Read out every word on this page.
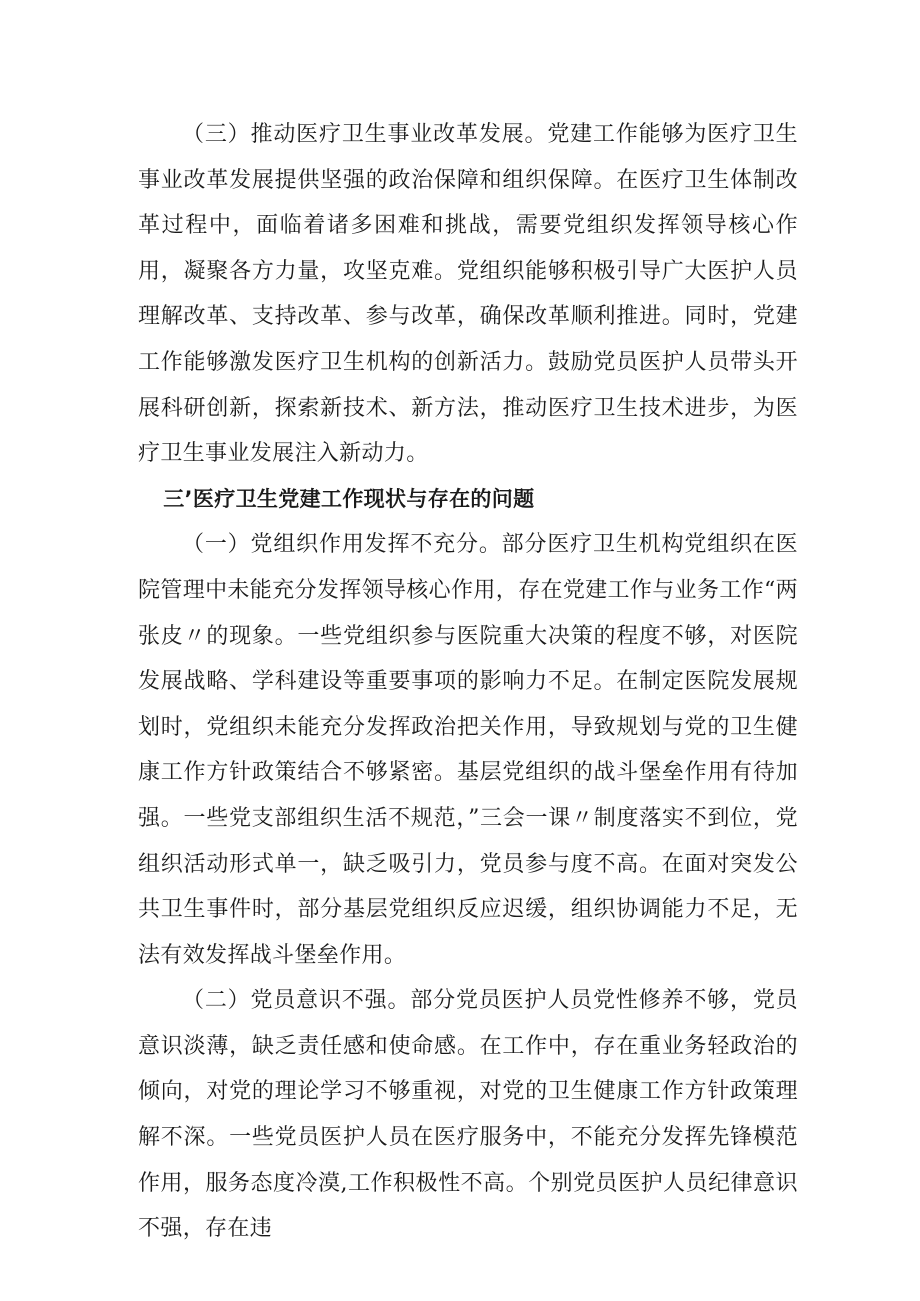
（三）推动医疗卫生事业改革发展。党建工作能够为医疗卫生事业改革发展提供坚强的政治保障和组织保障。在医疗卫生体制改革过程中，面临着诸多困难和挑战，需要党组织发挥领导核心作用，凝聚各方力量，攻坚克难。党组织能够积极引导广大医护人员理解改革、支持改革、参与改革，确保改革顺利推进。同时，党建工作能够激发医疗卫生机构的创新活力。鼓励党员医护人员带头开展科研创新，探索新技术、新方法，推动医疗卫生技术进步，为医疗卫生事业发展注入新动力。

三’医疗卫生党建工作现状与存在的问题

（一）党组织作用发挥不充分。部分医疗卫生机构党组织在医院管理中未能充分发挥领导核心作用，存在党建工作与业务工作“两张皮〃的现象。一些党组织参与医院重大决策的程度不够，对医院发展战略、学科建设等重要事项的影响力不足。在制定医院发展规划时，党组织未能充分发挥政治把关作用，导致规划与党的卫生健康工作方针政策结合不够紧密。基层党组织的战斗堡垒作用有待加强。一些党支部组织生活不规范，”三会一课〃制度落实不到位，党组织活动形式单一，缺乏吸引力，党员参与度不高。在面对突发公共卫生事件时，部分基层党组织反应迟缓，组织协调能力不足，无法有效发挥战斗堡垒作用。

（二）党员意识不强。部分党员医护人员党性修养不够，党员意识淡薄，缺乏责任感和使命感。在工作中，存在重业务轻政治的倾向，对党的理论学习不够重视，对党的卫生健康工作方针政策理解不深。一些党员医护人员在医疗服务中，不能充分发挥先锋模范作用，服务态度冷漠,工作积极性不高。个别党员医护人员纪律意识不强，存在违
